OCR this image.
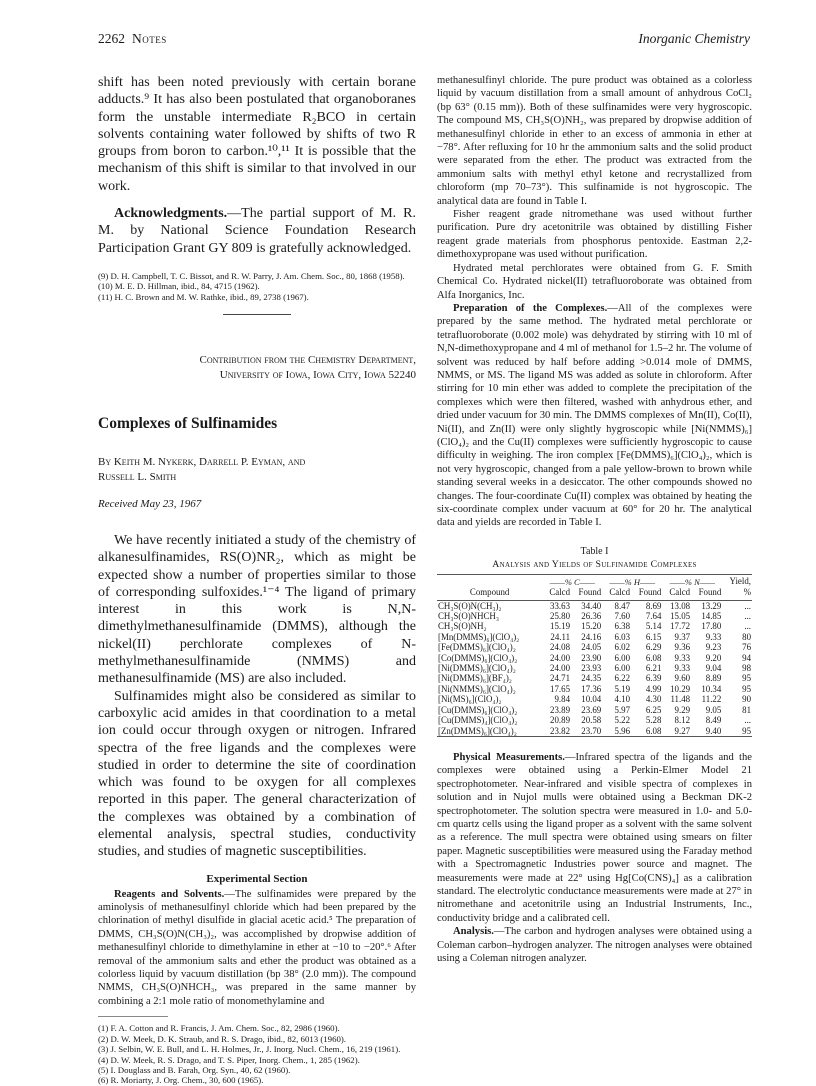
2262 Notes	Inorganic Chemistry

shift has been noted previously with certain borane adducts.⁹ It has also been postulated that organoboranes form the unstable intermediate R₂BCO in certain solvents containing water followed by shifts of two R groups from boron to carbon.¹⁰,¹¹ It is possible that the mechanism of this shift is similar to that involved in our work.

Acknowledgments.—The partial support of M. R. M. by National Science Foundation Research Participation Grant GY 809 is gratefully acknowledged.

(9) D. H. Campbell, T. C. Bissot, and R. W. Parry, J. Am. Chem. Soc., 80, 1868 (1958).

(10) M. E. D. Hillman, ibid., 84, 4715 (1962).

(11) H. C. Brown and M. W. Rathke, ibid., 89, 2738 (1967).

Contribution from the Chemistry Department,
University of Iowa, Iowa City, Iowa 52240
Complexes of Sulfinamides
By Keith M. Nykerk, Darrell P. Eyman, and
Russell L. Smith
Received May 23, 1967

We have recently initiated a study of the chemistry of alkanesulfinamides, RS(O)NR₂, which as might be expected show a number of properties similar to those of corresponding sulfoxides.¹⁻⁴ The ligand of primary interest in this work is N,N-dimethylmethanesulfinamide (DMMS), although the nickel(II) perchlorate complexes of N-methylmethanesulfinamide (NMMS) and methanesulfinamide (MS) are also included.

Sulfinamides might also be considered as similar to carboxylic acid amides in that coordination to a metal ion could occur through oxygen or nitrogen. Infrared spectra of the free ligands and the complexes were studied in order to determine the site of coordination which was found to be oxygen for all complexes reported in this paper. The general characterization of the complexes was obtained by a combination of elemental analysis, spectral studies, conductivity studies, and studies of magnetic susceptibilities.

Experimental Section

Reagents and Solvents.—The sulfinamides were prepared by the aminolysis of methanesulfinyl chloride which had been prepared by the chlorination of methyl disulfide in glacial acetic acid.⁵ The preparation of DMMS, CH₃S(O)N(CH₃)₂, was accomplished by dropwise addition of methanesulfinyl chloride to dimethylamine in ether at −10 to −20°.⁶ After removal of the ammonium salts and ether the product was obtained as a colorless liquid by vacuum distillation (bp 38° (2.0 mm)). The compound NMMS, CH₃S(O)NHCH₃, was prepared in the same manner by combining a 2:1 mole ratio of monomethylamine and

(1) F. A. Cotton and R. Francis, J. Am. Chem. Soc., 82, 2986 (1960).

(2) D. W. Meek, D. K. Straub, and R. S. Drago, ibid., 82, 6013 (1960).

(3) J. Selbin, W. E. Bull, and L. H. Holmes, Jr., J. Inorg. Nucl. Chem., 16, 219 (1961).

(4) D. W. Meek, R. S. Drago, and T. S. Piper, Inorg. Chem., 1, 285 (1962).

(5) I. Douglass and B. Farah, Org. Syn., 40, 62 (1960).

(6) R. Moriarty, J. Org. Chem., 30, 600 (1965).

methanesulfinyl chloride. The pure product was obtained as a colorless liquid by vacuum distillation from a small amount of anhydrous CoCl₂ (bp 63° (0.15 mm)). Both of these sulfinamides were very hygroscopic. The compound MS, CH₃S(O)NH₂, was prepared by dropwise addition of methanesulfinyl chloride in ether to an excess of ammonia in ether at −78°. After refluxing for 10 hr the ammonium salts and the solid product were separated from the ether. The product was extracted from the ammonium salts with methyl ethyl ketone and recrystallized from chloroform (mp 70–73°). This sulfinamide is not hygroscopic. The analytical data are found in Table I.

Fisher reagent grade nitromethane was used without further purification. Pure dry acetonitrile was obtained by distilling Fisher reagent grade materials from phosphorus pentoxide. Eastman 2,2-dimethoxypropane was used without purification.

Hydrated metal perchlorates were obtained from G. F. Smith Chemical Co. Hydrated nickel(II) tetrafluoroborate was obtained from Alfa Inorganics, Inc.

Preparation of the Complexes.—All of the complexes were prepared by the same method. The hydrated metal perchlorate or tetrafluoroborate (0.002 mole) was dehydrated by stirring with 10 ml of N,N-dimethoxypropane and 4 ml of methanol for 1.5–2 hr. The volume of solvent was reduced by half before adding >0.014 mole of DMMS, NMMS, or MS. The ligand MS was added as solute in chloroform. After stirring for 10 min ether was added to complete the precipitation of the complexes which were then filtered, washed with anhydrous ether, and dried under vacuum for 30 min. The DMMS complexes of Mn(II), Co(II), Ni(II), and Zn(II) were only slightly hygroscopic while [Ni(NMMS)₆](ClO₄)₂ and the Cu(II) complexes were sufficiently hygroscopic to cause difficulty in weighing. The iron complex [Fe(DMMS)₆](ClO₄)₂, which is not very hygroscopic, changed from a pale yellow-brown to brown while standing several weeks in a desiccator. The other compounds showed no changes. The four-coordinate Cu(II) complex was obtained by heating the six-coordinate complex under vacuum at 60° for 20 hr. The analytical data and yields are recorded in Table I.

Table I
Analysis and Yields of Sulfinamide Complexes
	——% C——		——% H——		——% N——		Yield,
Compound	Calcd	Found	Calcd	Found	Calcd	Found	%
CH₃S(O)N(CH₃)₂	33.63	34.40	8.47	8.69	13.08	13.29	...
CH₃S(O)NHCH₃	25.80	26.36	7.60	7.64	15.05	14.85	...
CH₃S(O)NH₂	15.19	15.20	6.38	5.14	17.72	17.80	...
[Mn(DMMS)₆](ClO₄)₂	24.11	24.16	6.03	6.15	9.37	9.33	80
[Fe(DMMS)₆](ClO₄)₂	24.08	24.05	6.02	6.29	9.36	9.23	76
[Co(DMMS)₆](ClO₄)₂	24.00	23.90	6.00	6.08	9.33	9.20	94
[Ni(DMMS)₆](ClO₄)₂	24.00	23.93	6.00	6.21	9.33	9.04	98
[Ni(DMMS)₆](BF₄)₂	24.71	24.35	6.22	6.39	9.60	8.89	95
[Ni(NMMS)₆](ClO₄)₂	17.65	17.36	5.19	4.99	10.29	10.34	95
[Ni(MS)₆](ClO₄)₂	9.84	10.04	4.10	4.30	11.48	11.22	90
[Cu(DMMS)₆](ClO₄)₂	23.89	23.69	5.97	6.25	9.29	9.05	81
[Cu(DMMS)₄](ClO₄)₂	20.89	20.58	5.22	5.28	8.12	8.49	...
[Zn(DMMS)₆](ClO₄)₂	23.82	23.70	5.96	6.08	9.27	9.40	95

Physical Measurements.—Infrared spectra of the ligands and the complexes were obtained using a Perkin-Elmer Model 21 spectrophotometer. Near-infrared and visible spectra of complexes in solution and in Nujol mulls were obtained using a Beckman DK-2 spectrophotometer. The solution spectra were measured in 1.0- and 5.0-cm quartz cells using the ligand proper as a solvent with the same solvent as a reference. The mull spectra were obtained using smears on filter paper. Magnetic susceptibilities were measured using the Faraday method with a Spectromagnetic Industries power source and magnet. The measurements were made at 22° using Hg[Co(CNS)₄] as a calibration standard. The electrolytic conductance measurements were made at 27° in nitromethane and acetonitrile using an Industrial Instruments, Inc., conductivity bridge and a calibrated cell.

Analysis.—The carbon and hydrogen analyses were obtained using a Coleman carbon–hydrogen analyzer. The nitrogen analyses were obtained using a Coleman nitrogen analyzer.
